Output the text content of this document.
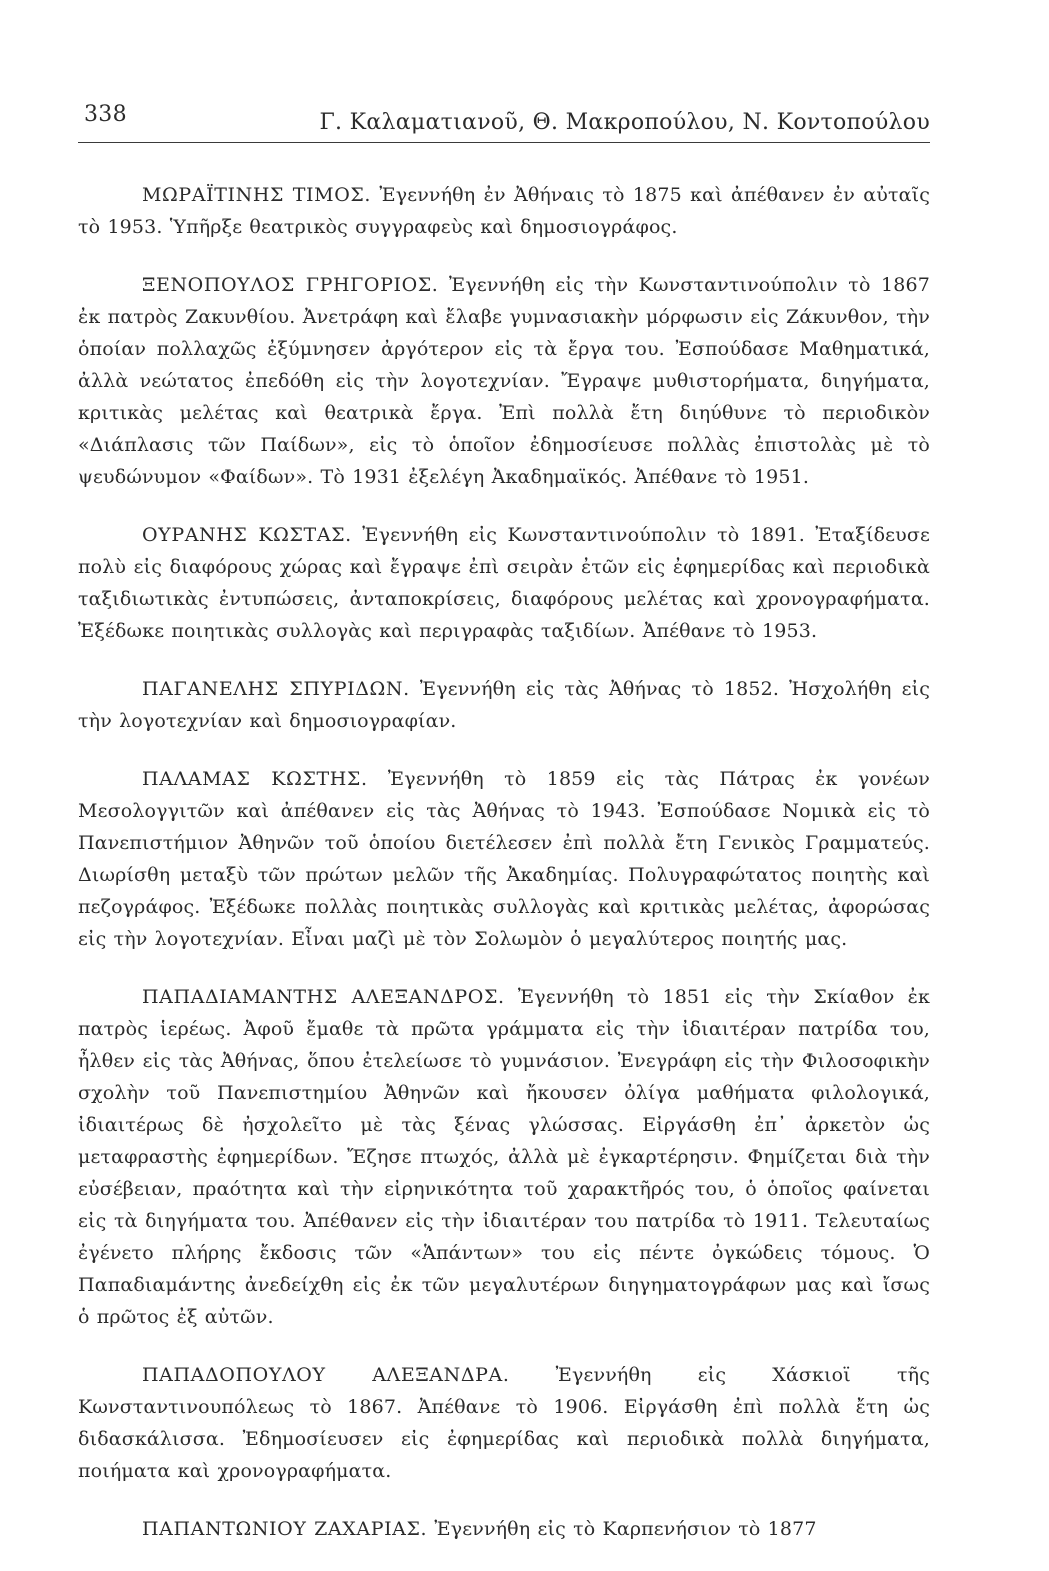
338	Γ. Καλαματιανοῦ, Θ. Μακροπούλου, Ν. Κοντοπούλου

ΜΩΡΑΪΤΙΝΗΣ ΤΙΜΟΣ. Ἐγεννήθη ἐν Ἀθήναις τὸ 1875 καὶ ἀπέθανεν ἐν αὐταῖς τὸ 1953. Ὑπῆρξε θεατρικὸς συγγραφεὺς καὶ δημοσιογράφος.

ΞΕΝΟΠΟΥΛΟΣ ΓΡΗΓΟΡΙΟΣ. Ἐγεννήθη εἰς τὴν Κωνσταντινούπολιν τὸ 1867 ἐκ πατρὸς Ζακυνθίου. Ἀνετράφη καὶ ἔλαβε γυμνασιακὴν μόρφωσιν εἰς Ζάκυνθον, τὴν ὁποίαν πολλαχῶς ἐξύμνησεν ἀργότερον εἰς τὰ ἔργα του. Ἐσπούδασε Μαθηματικά, ἀλλὰ νεώτατος ἐπεδόθη εἰς τὴν λογοτεχνίαν. Ἔγραψε μυθιστορήματα, διηγήματα, κριτικὰς μελέτας καὶ θεατρικὰ ἔργα. Ἐπὶ πολλὰ ἔτη διηύθυνε τὸ περιοδικὸν «Διάπλασις τῶν Παίδων», εἰς τὸ ὁποῖον ἐδημοσίευσε πολλὰς ἐπιστολὰς μὲ τὸ ψευδώνυμον «Φαίδων». Τὸ 1931 ἐξελέγη Ἀκαδημαϊκός. Ἀπέθανε τὸ 1951.

ΟΥΡΑΝΗΣ ΚΩΣΤΑΣ. Ἐγεννήθη εἰς Κωνσταντινούπολιν τὸ 1891. Ἐταξίδευσε πολὺ εἰς διαφόρους χώρας καὶ ἔγραψε ἐπὶ σειρὰν ἐτῶν εἰς ἐφημερίδας καὶ περιοδικὰ ταξιδιωτικὰς ἐντυπώσεις, ἀνταποκρίσεις, διαφόρους μελέτας καὶ χρονογραφήματα. Ἐξέδωκε ποιητικὰς συλλογὰς καὶ περιγραφὰς ταξιδίων. Ἀπέθανε τὸ 1953.

ΠΑΓΑΝΕΛΗΣ ΣΠΥΡΙΔΩΝ. Ἐγεννήθη εἰς τὰς Ἀθήνας τὸ 1852. Ἠσχολήθη εἰς τὴν λογοτεχνίαν καὶ δημοσιογραφίαν.

ΠΑΛΑΜΑΣ ΚΩΣΤΗΣ. Ἐγεννήθη τὸ 1859 εἰς τὰς Πάτρας ἐκ γονέων Μεσολογγιτῶν καὶ ἀπέθανεν εἰς τὰς Ἀθήνας τὸ 1943. Ἐσπούδασε Νομικὰ εἰς τὸ Πανεπιστήμιον Ἀθηνῶν τοῦ ὁποίου διετέλεσεν ἐπὶ πολλὰ ἔτη Γενικὸς Γραμματεύς. Διωρίσθη μεταξὺ τῶν πρώτων μελῶν τῆς Ἀκαδημίας. Πολυγραφώτατος ποιητὴς καὶ πεζογράφος. Ἐξέδωκε πολλὰς ποιητικὰς συλλογὰς καὶ κριτικὰς μελέτας, ἀφορώσας εἰς τὴν λογοτεχνίαν. Εἶναι μαζὶ μὲ τὸν Σολωμὸν ὁ μεγαλύτερος ποιητής μας.

ΠΑΠΑΔΙΑΜΑΝΤΗΣ ΑΛΕΞΑΝΔΡΟΣ. Ἐγεννήθη τὸ 1851 εἰς τὴν Σκίαθον ἐκ πατρὸς ἱερέως. Ἀφοῦ ἔμαθε τὰ πρῶτα γράμματα εἰς τὴν ἰδιαιτέραν πατρίδα του, ἦλθεν εἰς τὰς Ἀθήνας, ὅπου ἐτελείωσε τὸ γυμνάσιον. Ἐνεγράφη εἰς τὴν Φιλοσοφικὴν σχολὴν τοῦ Πανεπιστημίου Ἀθηνῶν καὶ ἤκουσεν ὀλίγα μαθήματα φιλολογικά, ἰδιαιτέρως δὲ ἠσχολεῖτο μὲ τὰς ξένας γλώσσας. Εἰργάσθη ἐπ᾽ ἀρκετὸν ὡς μεταφραστὴς ἐφημερίδων. Ἔζησε πτωχός, ἀλλὰ μὲ ἐγκαρτέρησιν. Φημίζεται διὰ τὴν εὐσέβειαν, πραότητα καὶ τὴν εἰρηνικότητα τοῦ χαρακτῆρός του, ὁ ὁποῖος φαίνεται εἰς τὰ διηγήματα του. Ἀπέθανεν εἰς τὴν ἰδιαιτέραν του πατρίδα τὸ 1911. Τελευταίως ἐγένετο πλήρης ἔκδοσις τῶν «Ἁπάντων» του εἰς πέντε ὀγκώδεις τόμους. Ὁ Παπαδιαμάντης ἀνεδείχθη εἰς ἐκ τῶν μεγαλυτέρων διηγηματογράφων μας καὶ ἴσως ὁ πρῶτος ἐξ αὐτῶν.

ΠΑΠΑΔΟΠΟΥΛΟΥ ΑΛΕΞΑΝΔΡΑ. Ἐγεννήθη εἰς Χάσκιοϊ τῆς Κωνσταντινουπόλεως τὸ 1867. Ἀπέθανε τὸ 1906. Εἰργάσθη ἐπὶ πολλὰ ἔτη ὡς διδασκάλισσα. Ἐδημοσίευσεν εἰς ἐφημερίδας καὶ περιοδικὰ πολλὰ διηγήματα, ποιήματα καὶ χρονογραφήματα.

ΠΑΠΑΝΤΩΝΙΟΥ ΖΑΧΑΡΙΑΣ. Ἐγεννήθη εἰς τὸ Καρπενήσιον τὸ 1877
